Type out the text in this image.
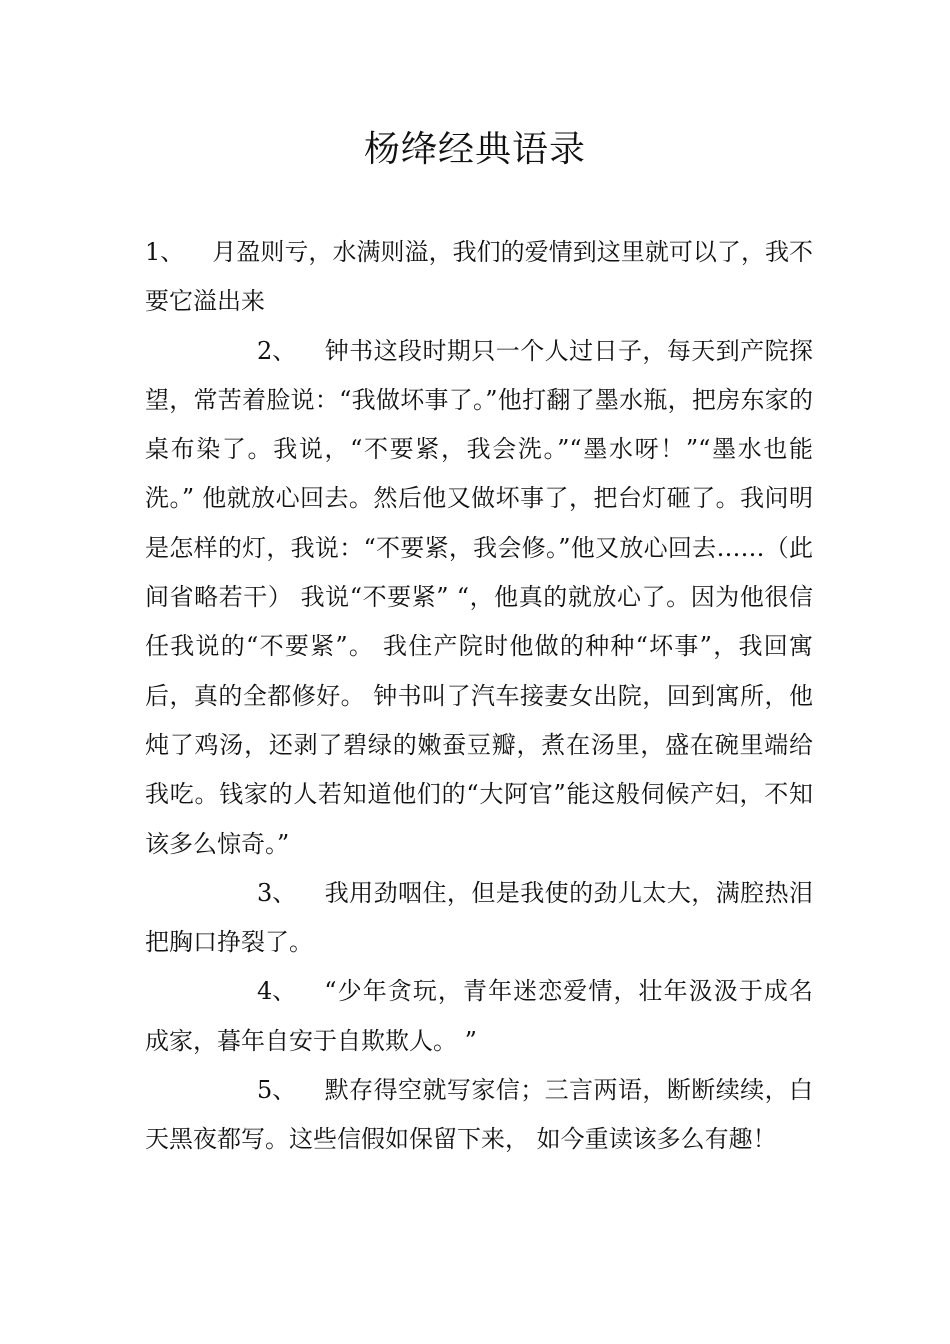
杨绛经典语录

1、 月盈则亏，水满则溢，我们的爱情到这里就可以了，我不要它溢出来

2、 钟书这段时期只一个人过日子，每天到产院探望，常苦着脸说：“我做坏事了。”他打翻了墨水瓶，把房东家的桌布染了。我说，“不要紧，我会洗。”“墨水呀！”“墨水也能洗。” 他就放心回去。然后他又做坏事了，把台灯砸了。我问明是怎样的灯，我说：“不要紧，我会修。”他又放心回去……（此间省略若干） 我说“不要紧” “，他真的就放心了。因为他很信任我说的“不要紧”。 我住产院时他做的种种“坏事”，我回寓后，真的全都修好。 钟书叫了汽车接妻女出院，回到寓所，他炖了鸡汤，还剥了碧绿的嫩蚕豆瓣，煮在汤里，盛在碗里端给我吃。钱家的人若知道他们的“大阿官”能这般伺候产妇，不知该多么惊奇。”

3、 我用劲咽住，但是我使的劲儿太大，满腔热泪把胸口挣裂了。

4、 “少年贪玩，青年迷恋爱情，壮年汲汲于成名成家，暮年自安于自欺欺人。 ”

5、 默存得空就写家信；三言两语，断断续续，白天黑夜都写。这些信假如保留下来， 如今重读该多么有趣！
